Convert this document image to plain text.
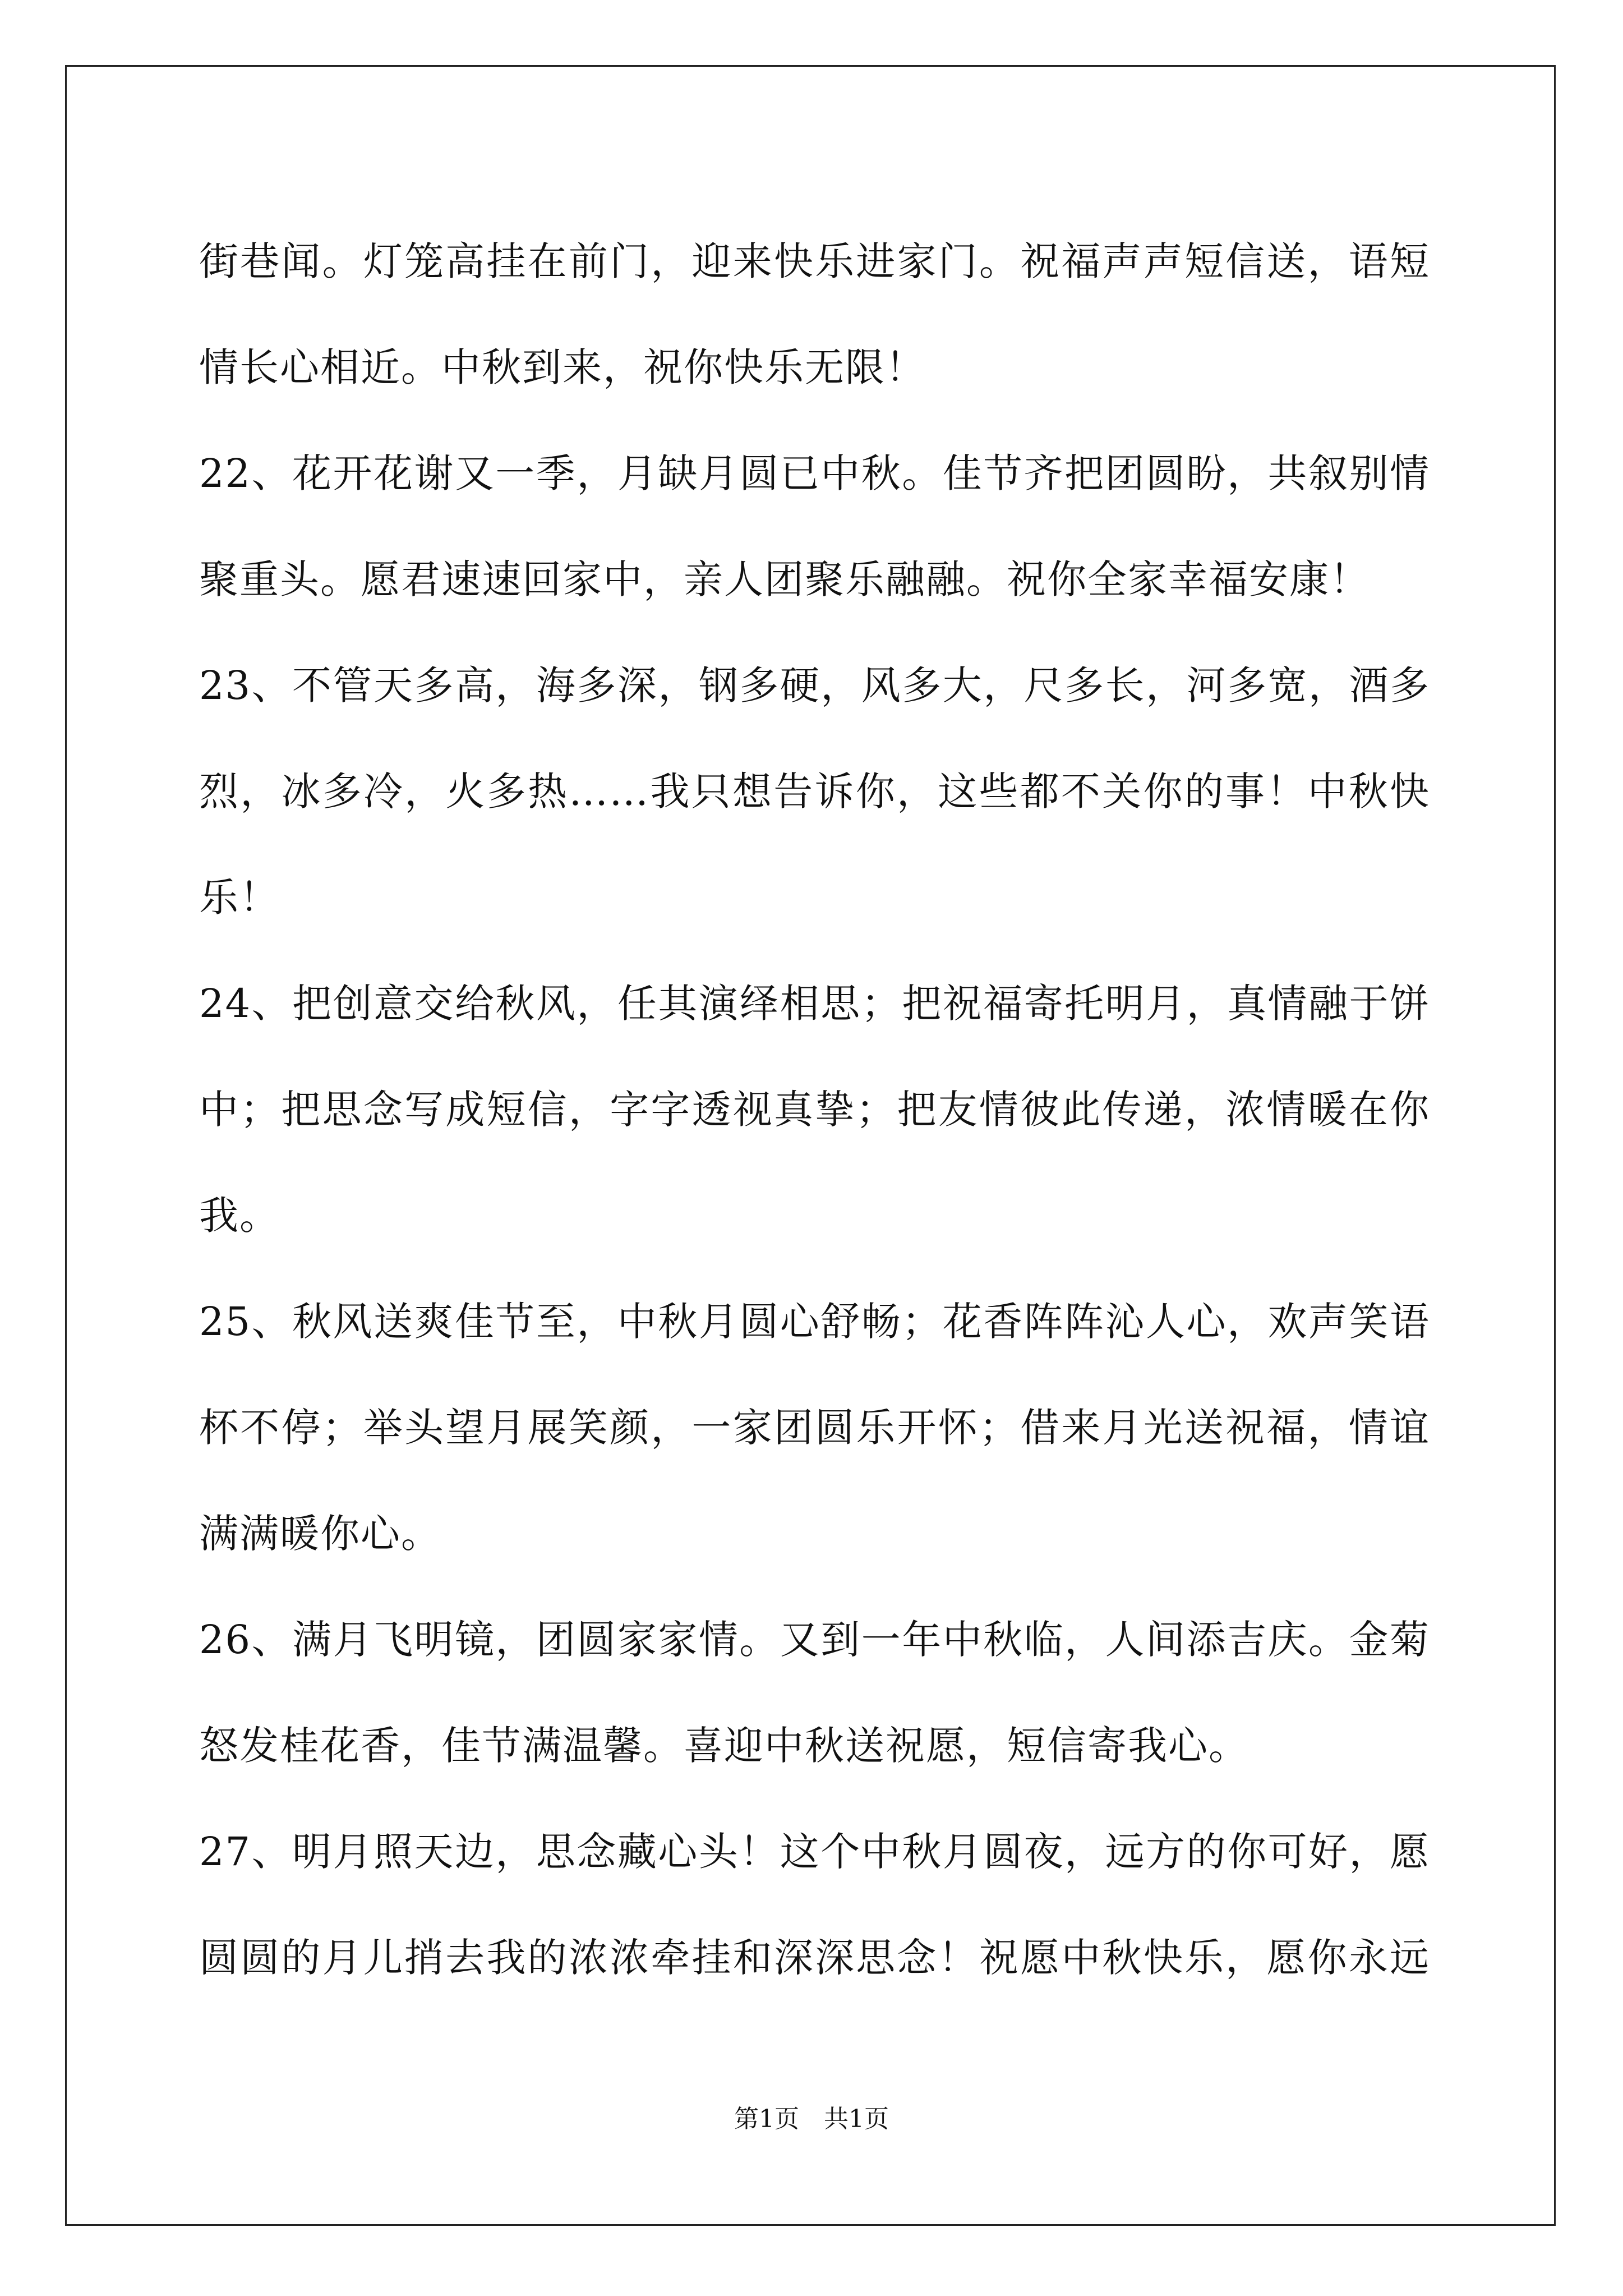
街巷闻。灯笼高挂在前门，迎来快乐进家门。祝福声声短信送，语短
情长心相近。中秋到来，祝你快乐无限！
22、花开花谢又一季，月缺月圆已中秋。佳节齐把团圆盼，共叙别情
聚重头。愿君速速回家中，亲人团聚乐融融。祝你全家幸福安康！
23、不管天多高，海多深，钢多硬，风多大，尺多长，河多宽，酒多
烈，冰多冷，火多热……我只想告诉你，这些都不关你的事！中秋快
乐！
24、把创意交给秋风，任其演绎相思；把祝福寄托明月，真情融于饼
中；把思念写成短信，字字透视真挚；把友情彼此传递，浓情暖在你
我。
25、秋风送爽佳节至，中秋月圆心舒畅；花香阵阵沁人心，欢声笑语
杯不停；举头望月展笑颜，一家团圆乐开怀；借来月光送祝福，情谊
满满暖你心。
26、满月飞明镜，团圆家家情。又到一年中秋临，人间添吉庆。金菊
怒发桂花香，佳节满温馨。喜迎中秋送祝愿，短信寄我心。
27、明月照天边，思念藏心头！这个中秋月圆夜，远方的你可好，愿
圆圆的月儿捎去我的浓浓牵挂和深深思念！祝愿中秋快乐，愿你永远
第1页　共1页
